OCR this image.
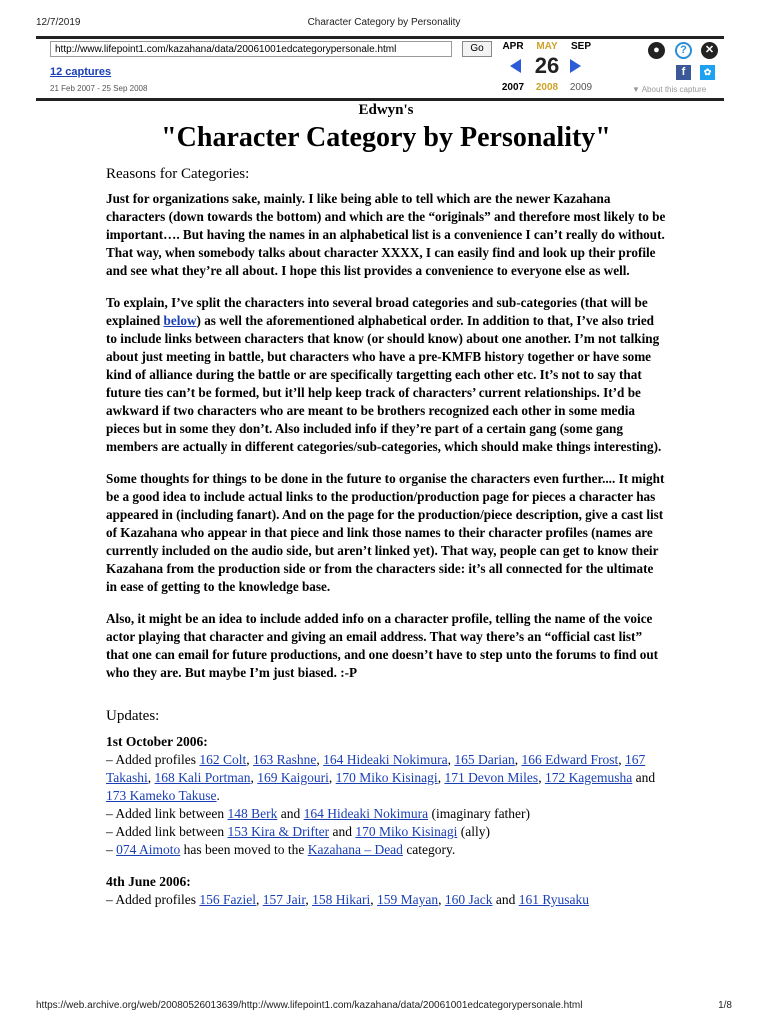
12/7/2019	Character Category by Personality
http://www.lifepoint1.com/kazahana/data/20061001edcategorypersonale.html	Go
12 captures
21 Feb 2007 - 25 Sep 2008
APR	MAY	SEP
26
2007	2008	2009
●	?	✕
f	✿
▼ About this capture

Edwyn's

"Character Category by Personality"

Reasons for Categories:

Just for organizations sake, mainly. I like being able to tell which are the newer Kazahana characters (down towards the bottom) and which are the “originals” and therefore most likely to be important…. But having the names in an alphabetical list is a convenience I can’t really do without. That way, when somebody talks about character XXXX, I can easily find and look up their profile and see what they’re all about. I hope this list provides a convenience to everyone else as well.

To explain, I’ve split the characters into several broad categories and sub-categories (that will be explained below) as well the aforementioned alphabetical order. In addition to that, I’ve also tried to include links between characters that know (or should know) about one another. I’m not talking about just meeting in battle, but characters who have a pre-KMFB history together or have some kind of alliance during the battle or are specifically targetting each other etc. It’s not to say that future ties can’t be formed, but it’ll help keep track of characters’ current relationships. It’d be awkward if two characters who are meant to be brothers recognized each other in some media pieces but in some they don’t. Also included info if they’re part of a certain gang (some gang members are actually in different categories/sub-categories, which should make things interesting).

Some thoughts for things to be done in the future to organise the characters even further.... It might be a good idea to include actual links to the production/production page for pieces a character has appeared in (including fanart). And on the page for the production/piece description, give a cast list of Kazahana who appear in that piece and link those names to their character profiles (names are currently included on the audio side, but aren’t linked yet). That way, people can get to know their Kazahana from the production side or from the characters side: it’s all connected for the ultimate in ease of getting to the knowledge base.

Also, it might be an idea to include added info on a character profile, telling the name of the voice actor playing that character and giving an email address. That way there’s an “official cast list” that one can email for future productions, and one doesn’t have to step unto the forums to find out who they are. But maybe I’m just biased. :-P

Updates:

1st October 2006:

– Added profiles 162 Colt, 163 Rashne, 164 Hideaki Nokimura, 165 Darian, 166 Edward Frost, 167 Takashi, 168 Kali Portman, 169 Kaigouri, 170 Miko Kisinagi, 171 Devon Miles, 172 Kagemusha and 173 Kameko Takuse.

– Added link between 148 Berk and 164 Hideaki Nokimura (imaginary father)

– Added link between 153 Kira & Drifter and 170 Miko Kisinagi (ally)

– 074 Aimoto has been moved to the Kazahana – Dead category.

4th June 2006:

– Added profiles 156 Faziel, 157 Jair, 158 Hikari, 159 Mayan, 160 Jack and 161 Ryusaku

https://web.archive.org/web/20080526013639/http://www.lifepoint1.com/kazahana/data/20061001edcategorypersonale.html	1/8
